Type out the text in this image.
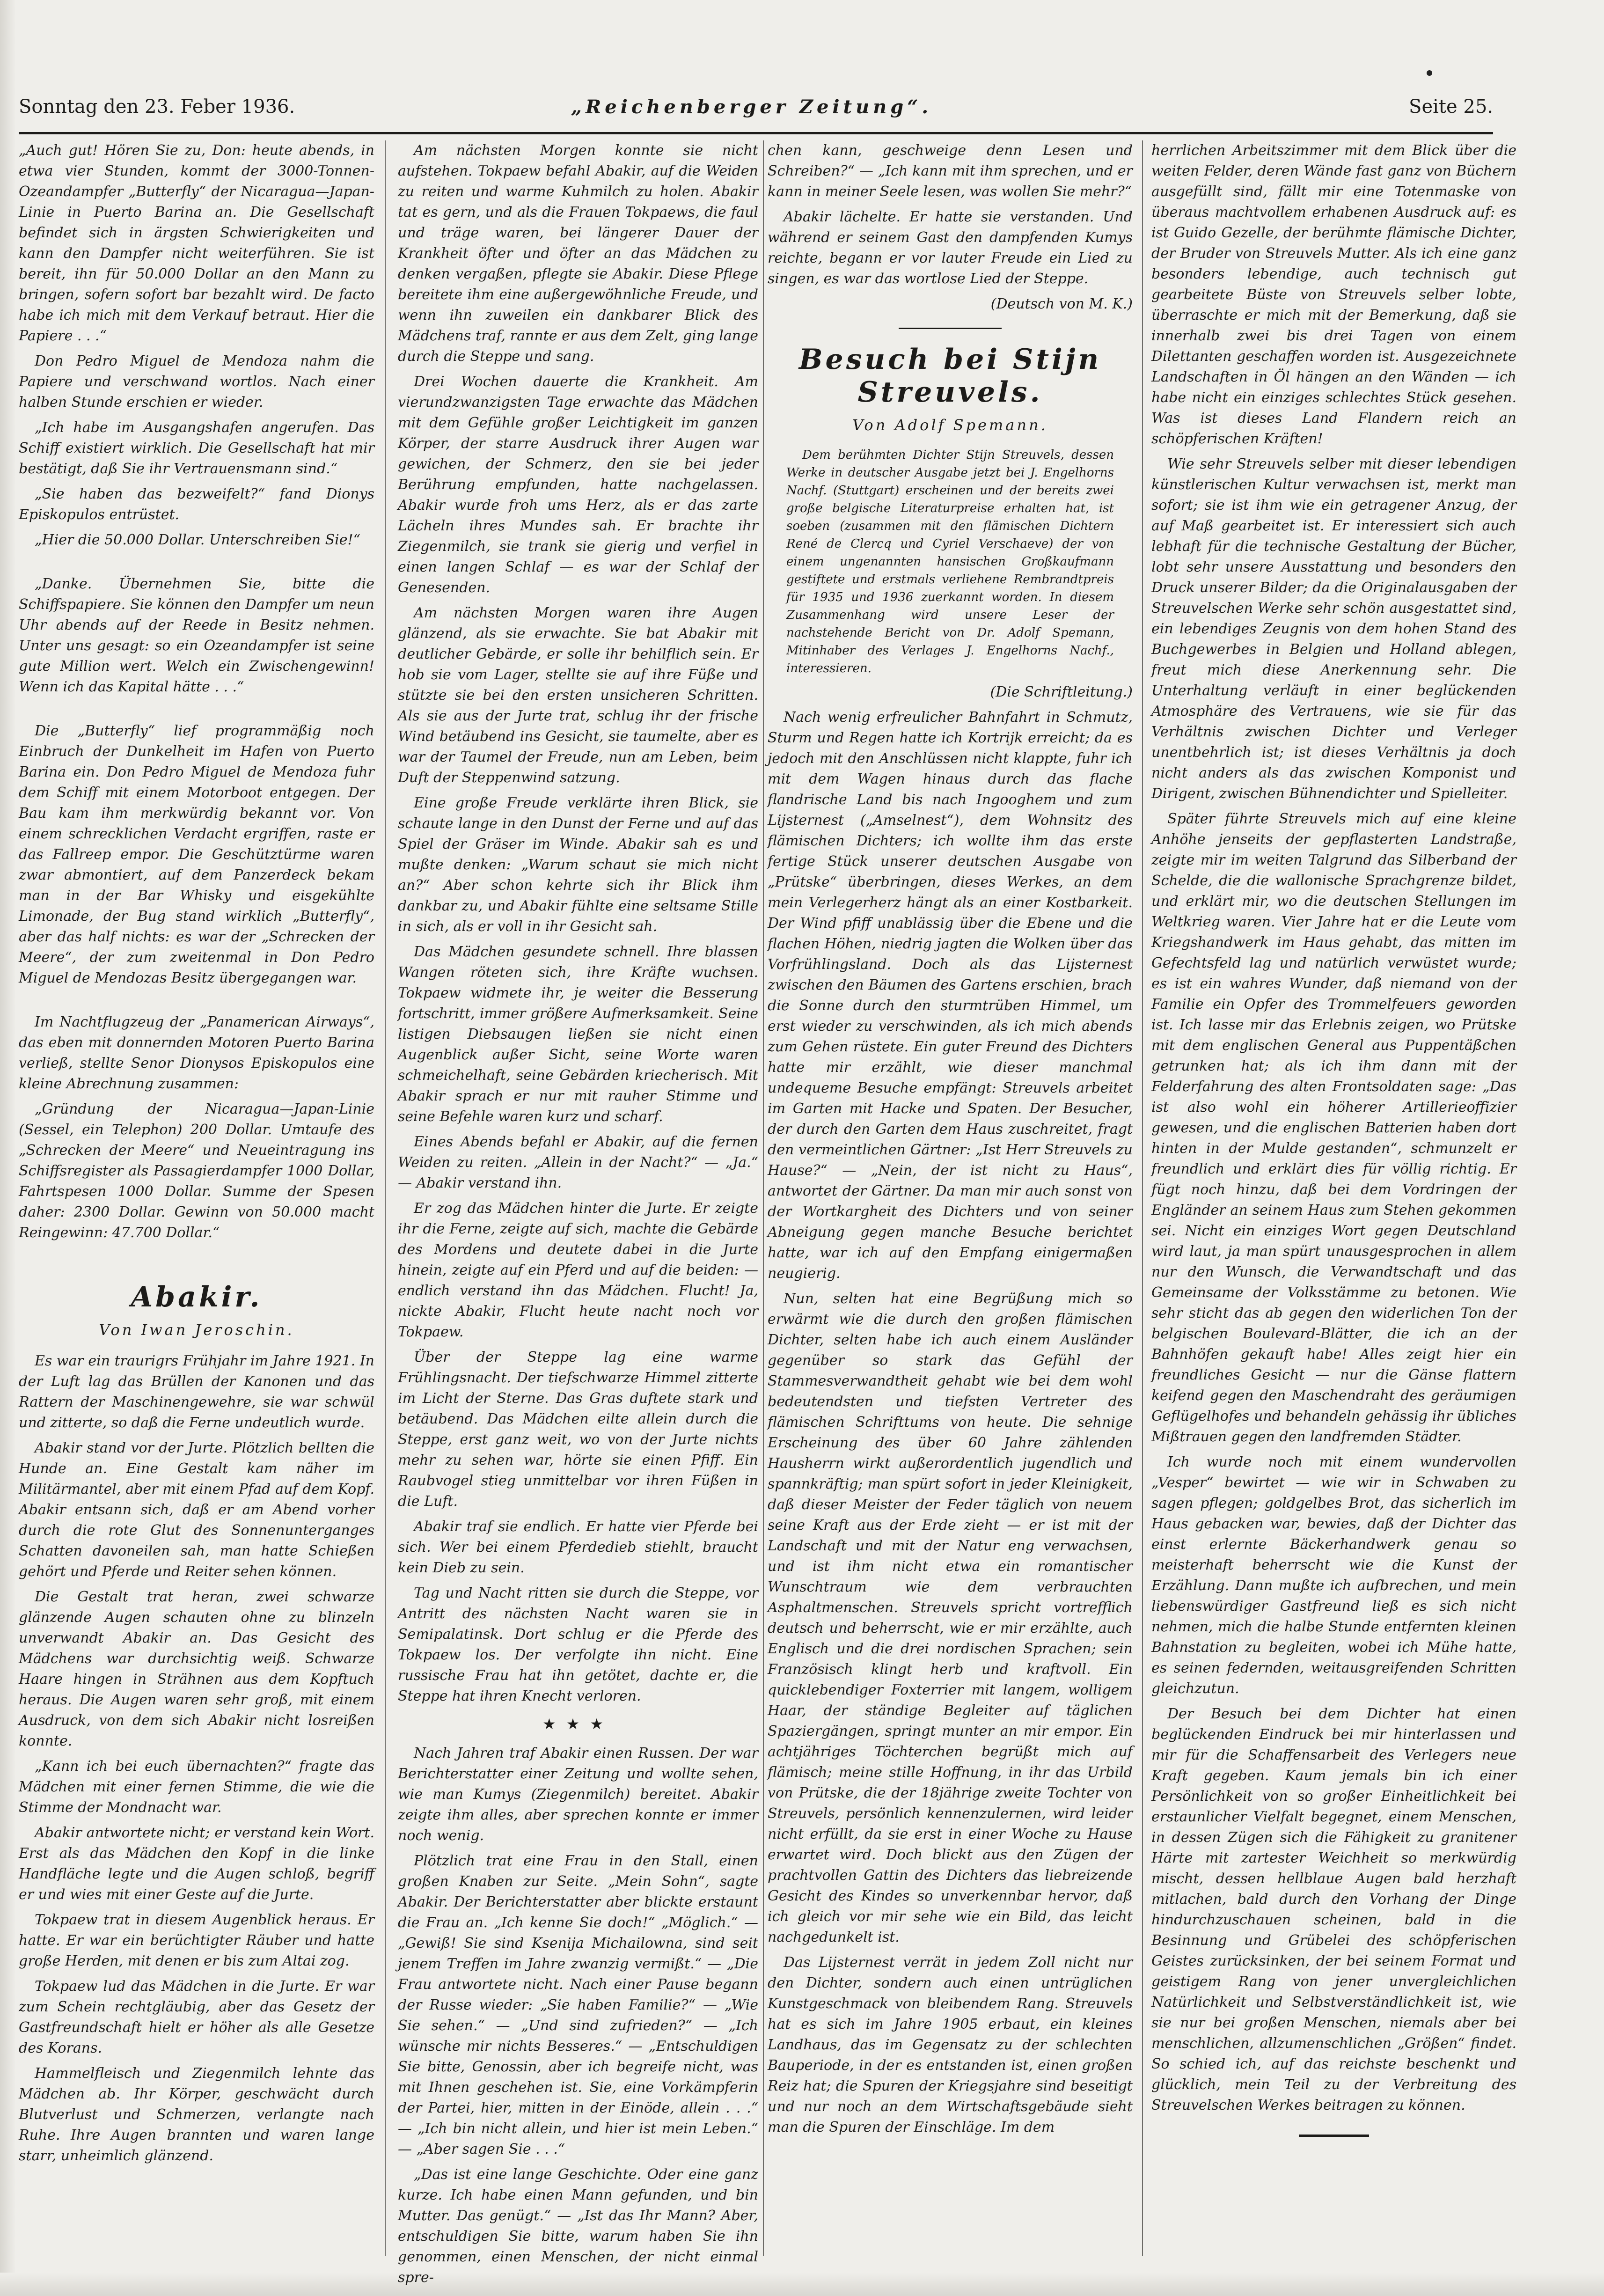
Sonntag den 23. Feber 1936.	„Reichenberger Zeitung“.	Seite 25.

„Auch gut! Hören Sie zu, Don: heute abends, in etwa vier Stunden, kommt der 3000-Tonnen-Ozeandampfer „Butterfly“ der Nicaragua—Japan-Linie in Puerto Barina an. Die Gesellschaft befindet sich in ärgsten Schwierigkeiten und kann den Dampfer nicht weiterführen. Sie ist bereit, ihn für 50.000 Dollar an den Mann zu bringen, sofern sofort bar bezahlt wird. De facto habe ich mich mit dem Verkauf betraut. Hier die Papiere . . .“

Don Pedro Miguel de Mendoza nahm die Papiere und verschwand wortlos. Nach einer halben Stunde erschien er wieder.

„Ich habe im Ausgangshafen angerufen. Das Schiff existiert wirklich. Die Gesellschaft hat mir bestätigt, daß Sie ihr Vertrauensmann sind.“

„Sie haben das bezweifelt?“ fand Dionys Episkopulos entrüstet.

„Hier die 50.000 Dollar. Unterschreiben Sie!“

„Danke. Übernehmen Sie, bitte die Schiffspapiere. Sie können den Dampfer um neun Uhr abends auf der Reede in Besitz nehmen. Unter uns gesagt: so ein Ozeandampfer ist seine gute Million wert. Welch ein Zwischengewinn! Wenn ich das Kapital hätte . . .“

Die „Butterfly“ lief programmäßig noch Einbruch der Dunkelheit im Hafen von Puerto Barina ein. Don Pedro Miguel de Mendoza fuhr dem Schiff mit einem Motorboot entgegen. Der Bau kam ihm merkwürdig bekannt vor. Von einem schrecklichen Verdacht ergriffen, raste er das Fallreep empor. Die Geschütztürme waren zwar abmontiert, auf dem Panzerdeck bekam man in der Bar Whisky und eisgekühlte Limonade, der Bug stand wirklich „Butterfly“, aber das half nichts: es war der „Schrecken der Meere“, der zum zweitenmal in Don Pedro Miguel de Mendozas Besitz übergegangen war.

Im Nachtflugzeug der „Panamerican Airways“, das eben mit donnernden Motoren Puerto Barina verließ, stellte Senor Dionysos Episkopulos eine kleine Abrechnung zusammen:

„Gründung der Nicaragua—Japan-Linie (Sessel, ein Telephon) 200 Dollar. Umtaufe des „Schrecken der Meere“ und Neueintragung ins Schiffsregister als Passagierdampfer 1000 Dollar, Fahrtspesen 1000 Dollar. Summe der Spesen daher: 2300 Dollar. Gewinn von 50.000 macht Reingewinn: 47.700 Dollar.“

Abakir.
Von Iwan Jeroschin.

Es war ein traurigrs Frühjahr im Jahre 1921. In der Luft lag das Brüllen der Kanonen und das Rattern der Maschinengewehre, sie war schwül und zitterte, so daß die Ferne undeutlich wurde.

Abakir stand vor der Jurte. Plötzlich bellten die Hunde an. Eine Gestalt kam näher im Militärmantel, aber mit einem Pfad auf dem Kopf. Abakir entsann sich, daß er am Abend vorher durch die rote Glut des Sonnenunterganges Schatten davoneilen sah, man hatte Schießen gehört und Pferde und Reiter sehen können.

Die Gestalt trat heran, zwei schwarze glänzende Augen schauten ohne zu blinzeln unverwandt Abakir an. Das Gesicht des Mädchens war durchsichtig weiß. Schwarze Haare hingen in Strähnen aus dem Kopftuch heraus. Die Augen waren sehr groß, mit einem Ausdruck, von dem sich Abakir nicht losreißen konnte.

„Kann ich bei euch übernachten?“ fragte das Mädchen mit einer fernen Stimme, die wie die Stimme der Mondnacht war.

Abakir antwortete nicht; er verstand kein Wort. Erst als das Mädchen den Kopf in die linke Handfläche legte und die Augen schloß, begriff er und wies mit einer Geste auf die Jurte.

Tokpaew trat in diesem Augenblick heraus. Er hatte. Er war ein berüchtigter Räuber und hatte große Herden, mit denen er bis zum Altai zog.

Tokpaew lud das Mädchen in die Jurte. Er war zum Schein rechtgläubig, aber das Gesetz der Gastfreundschaft hielt er höher als alle Gesetze des Korans.

Hammelfleisch und Ziegenmilch lehnte das Mädchen ab. Ihr Körper, geschwächt durch Blutverlust und Schmerzen, verlangte nach Ruhe. Ihre Augen brannten und waren lange starr, unheimlich glänzend.

Am nächsten Morgen konnte sie nicht aufstehen. Tokpaew befahl Abakir, auf die Weiden zu reiten und warme Kuhmilch zu holen. Abakir tat es gern, und als die Frauen Tokpaews, die faul und träge waren, bei längerer Dauer der Krankheit öfter und öfter an das Mädchen zu denken vergaßen, pflegte sie Abakir. Diese Pflege bereitete ihm eine außergewöhnliche Freude, und wenn ihn zuweilen ein dankbarer Blick des Mädchens traf, rannte er aus dem Zelt, ging lange durch die Steppe und sang.

Drei Wochen dauerte die Krankheit. Am vierundzwanzigsten Tage erwachte das Mädchen mit dem Gefühle großer Leichtigkeit im ganzen Körper, der starre Ausdruck ihrer Augen war gewichen, der Schmerz, den sie bei jeder Berührung empfunden, hatte nachgelassen. Abakir wurde froh ums Herz, als er das zarte Lächeln ihres Mundes sah. Er brachte ihr Ziegenmilch, sie trank sie gierig und verfiel in einen langen Schlaf — es war der Schlaf der Genesenden.

Am nächsten Morgen waren ihre Augen glänzend, als sie erwachte. Sie bat Abakir mit deutlicher Gebärde, er solle ihr behilflich sein. Er hob sie vom Lager, stellte sie auf ihre Füße und stützte sie bei den ersten unsicheren Schritten. Als sie aus der Jurte trat, schlug ihr der frische Wind betäubend ins Gesicht, sie taumelte, aber es war der Taumel der Freude, nun am Leben, beim Duft der Steppenwind satzung.

Eine große Freude verklärte ihren Blick, sie schaute lange in den Dunst der Ferne und auf das Spiel der Gräser im Winde. Abakir sah es und mußte denken: „Warum schaut sie mich nicht an?“ Aber schon kehrte sich ihr Blick ihm dankbar zu, und Abakir fühlte eine seltsame Stille in sich, als er voll in ihr Gesicht sah.

Das Mädchen gesundete schnell. Ihre blassen Wangen röteten sich, ihre Kräfte wuchsen. Tokpaew widmete ihr, je weiter die Besserung fortschritt, immer größere Aufmerksamkeit. Seine listigen Diebsaugen ließen sie nicht einen Augenblick außer Sicht, seine Worte waren schmeichelhaft, seine Gebärden kriecherisch. Mit Abakir sprach er nur mit rauher Stimme und seine Befehle waren kurz und scharf.

Eines Abends befahl er Abakir, auf die fernen Weiden zu reiten. „Allein in der Nacht?“ — „Ja.“ — Abakir verstand ihn.

Er zog das Mädchen hinter die Jurte. Er zeigte ihr die Ferne, zeigte auf sich, machte die Gebärde des Mordens und deutete dabei in die Jurte hinein, zeigte auf ein Pferd und auf die beiden: — endlich verstand ihn das Mädchen. Flucht! Ja, nickte Abakir, Flucht heute nacht noch vor Tokpaew.

Über der Steppe lag eine warme Frühlingsnacht. Der tiefschwarze Himmel zitterte im Licht der Sterne. Das Gras duftete stark und betäubend. Das Mädchen eilte allein durch die Steppe, erst ganz weit, wo von der Jurte nichts mehr zu sehen war, hörte sie einen Pfiff. Ein Raubvogel stieg unmittelbar vor ihren Füßen in die Luft.

Abakir traf sie endlich. Er hatte vier Pferde bei sich. Wer bei einem Pferdedieb stiehlt, braucht kein Dieb zu sein.

Tag und Nacht ritten sie durch die Steppe, vor Antritt des nächsten Nacht waren sie in Semipalatinsk. Dort schlug er die Pferde des Tokpaew los. Der verfolgte ihn nicht. Eine russische Frau hat ihn getötet, dachte er, die Steppe hat ihren Knecht verloren.

★★★

Nach Jahren traf Abakir einen Russen. Der war Berichterstatter einer Zeitung und wollte sehen, wie man Kumys (Ziegenmilch) bereitet. Abakir zeigte ihm alles, aber sprechen konnte er immer noch wenig.

Plötzlich trat eine Frau in den Stall, einen großen Knaben zur Seite. „Mein Sohn“, sagte Abakir. Der Berichterstatter aber blickte erstaunt die Frau an. „Ich kenne Sie doch!“ „Möglich.“ — „Gewiß! Sie sind Ksenija Michailowna, sind seit jenem Treffen im Jahre zwanzig vermißt.“ — „Die Frau antwortete nicht. Nach einer Pause begann der Russe wieder: „Sie haben Familie?“ — „Wie Sie sehen.“ — „Und sind zufrieden?“ — „Ich wünsche mir nichts Besseres.“ — „Entschuldigen Sie bitte, Genossin, aber ich begreife nicht, was mit Ihnen geschehen ist. Sie, eine Vorkämpferin der Partei, hier, mitten in der Einöde, allein . . .“ — „Ich bin nicht allein, und hier ist mein Leben.“ — „Aber sagen Sie . . .“

„Das ist eine lange Geschichte. Oder eine ganz kurze. Ich habe einen Mann gefunden, und bin Mutter. Das genügt.“ — „Ist das Ihr Mann? Aber, entschuldigen Sie bitte, warum haben Sie ihn genommen, einen Menschen, der nicht einmal spre-

chen kann, geschweige denn Lesen und Schreiben?“ — „Ich kann mit ihm sprechen, und er kann in meiner Seele lesen, was wollen Sie mehr?“

Abakir lächelte. Er hatte sie verstanden. Und während er seinem Gast den dampfenden Kumys reichte, begann er vor lauter Freude ein Lied zu singen, es war das wortlose Lied der Steppe.

(Deutsch von M. K.)

Besuch bei Stijn Streuvels.
Von Adolf Spemann.

Dem berühmten Dichter Stijn Streuvels, dessen Werke in deutscher Ausgabe jetzt bei J. Engelhorns Nachf. (Stuttgart) erscheinen und der bereits zwei große belgische Literaturpreise erhalten hat, ist soeben (zusammen mit den flämischen Dichtern René de Clercq und Cyriel Verschaeve) der von einem ungenannten hansischen Großkaufmann gestiftete und erstmals verliehene Rembrandtpreis für 1935 und 1936 zuerkannt worden. In diesem Zusammenhang wird unsere Leser der nachstehende Bericht von Dr. Adolf Spemann, Mitinhaber des Verlages J. Engelhorns Nachf., interessieren.

(Die Schriftleitung.)

Nach wenig erfreulicher Bahnfahrt in Schmutz, Sturm und Regen hatte ich Kortrijk erreicht; da es jedoch mit den Anschlüssen nicht klappte, fuhr ich mit dem Wagen hinaus durch das flache flandrische Land bis nach Ingooghem und zum Lijsternest („Amselnest“), dem Wohnsitz des flämischen Dichters; ich wollte ihm das erste fertige Stück unserer deutschen Ausgabe von „Prütske“ überbringen, dieses Werkes, an dem mein Verlegerherz hängt als an einer Kostbarkeit. Der Wind pfiff unablässig über die Ebene und die flachen Höhen, niedrig jagten die Wolken über das Vorfrühlingsland. Doch als das Lijsternest zwischen den Bäumen des Gartens erschien, brach die Sonne durch den sturmtrüben Himmel, um erst wieder zu verschwinden, als ich mich abends zum Gehen rüstete. Ein guter Freund des Dichters hatte mir erzählt, wie dieser manchmal undequeme Besuche empfängt: Streuvels arbeitet im Garten mit Hacke und Spaten. Der Besucher, der durch den Garten dem Haus zuschreitet, fragt den vermeintlichen Gärtner: „Ist Herr Streuvels zu Hause?“ — „Nein, der ist nicht zu Haus“, antwortet der Gärtner. Da man mir auch sonst von der Wortkargheit des Dichters und von seiner Abneigung gegen manche Besuche berichtet hatte, war ich auf den Empfang einigermaßen neugierig.

Nun, selten hat eine Begrüßung mich so erwärmt wie die durch den großen flämischen Dichter, selten habe ich auch einem Ausländer gegenüber so stark das Gefühl der Stammesverwandtheit gehabt wie bei dem wohl bedeutendsten und tiefsten Vertreter des flämischen Schrifttums von heute. Die sehnige Erscheinung des über 60 Jahre zählenden Hausherrn wirkt außerordentlich jugendlich und spannkräftig; man spürt sofort in jeder Kleinigkeit, daß dieser Meister der Feder täglich von neuem seine Kraft aus der Erde zieht — er ist mit der Landschaft und mit der Natur eng verwachsen, und ist ihm nicht etwa ein romantischer Wunschtraum wie dem verbrauchten Asphaltmenschen. Streuvels spricht vortrefflich deutsch und beherrscht, wie er mir erzählte, auch Englisch und die drei nordischen Sprachen; sein Französisch klingt herb und kraftvoll. Ein quicklebendiger Foxterrier mit langem, wolligem Haar, der ständige Begleiter auf täglichen Spaziergängen, springt munter an mir empor. Ein achtjähriges Töchterchen begrüßt mich auf flämisch; meine stille Hoffnung, in ihr das Urbild von Prütske, die der 18jährige zweite Tochter von Streuvels, persönlich kennenzulernen, wird leider nicht erfüllt, da sie erst in einer Woche zu Hause erwartet wird. Doch blickt aus den Zügen der prachtvollen Gattin des Dichters das liebreizende Gesicht des Kindes so unverkennbar hervor, daß ich gleich vor mir sehe wie ein Bild, das leicht nachgedunkelt ist.

Das Lijsternest verrät in jedem Zoll nicht nur den Dichter, sondern auch einen untrüglichen Kunstgeschmack von bleibendem Rang. Streuvels hat es sich im Jahre 1905 erbaut, ein kleines Landhaus, das im Gegensatz zu der schlechten Bauperiode, in der es entstanden ist, einen großen Reiz hat; die Spuren der Kriegsjahre sind beseitigt und nur noch an dem Wirtschaftsgebäude sieht man die Spuren der Einschläge. Im dem

herrlichen Arbeitszimmer mit dem Blick über die weiten Felder, deren Wände fast ganz von Büchern ausgefüllt sind, fällt mir eine Totenmaske von überaus machtvollem erhabenen Ausdruck auf: es ist Guido Gezelle, der berühmte flämische Dichter, der Bruder von Streuvels Mutter. Als ich eine ganz besonders lebendige, auch technisch gut gearbeitete Büste von Streuvels selber lobte, überraschte er mich mit der Bemerkung, daß sie innerhalb zwei bis drei Tagen von einem Dilettanten geschaffen worden ist. Ausgezeichnete Landschaften in Öl hängen an den Wänden — ich habe nicht ein einziges schlechtes Stück gesehen. Was ist dieses Land Flandern reich an schöpferischen Kräften!

Wie sehr Streuvels selber mit dieser lebendigen künstlerischen Kultur verwachsen ist, merkt man sofort; sie ist ihm wie ein getragener Anzug, der auf Maß gearbeitet ist. Er interessiert sich auch lebhaft für die technische Gestaltung der Bücher, lobt sehr unsere Ausstattung und besonders den Druck unserer Bilder; da die Originalausgaben der Streuvelschen Werke sehr schön ausgestattet sind, ein lebendiges Zeugnis von dem hohen Stand des Buchgewerbes in Belgien und Holland ablegen, freut mich diese Anerkennung sehr. Die Unterhaltung verläuft in einer beglückenden Atmosphäre des Vertrauens, wie sie für das Verhältnis zwischen Dichter und Verleger unentbehrlich ist; ist dieses Verhältnis ja doch nicht anders als das zwischen Komponist und Dirigent, zwischen Bühnendichter und Spielleiter.

Später führte Streuvels mich auf eine kleine Anhöhe jenseits der gepflasterten Landstraße, zeigte mir im weiten Talgrund das Silberband der Schelde, die die wallonische Sprachgrenze bildet, und erklärt mir, wo die deutschen Stellungen im Weltkrieg waren. Vier Jahre hat er die Leute vom Kriegshandwerk im Haus gehabt, das mitten im Gefechtsfeld lag und natürlich verwüstet wurde; es ist ein wahres Wunder, daß niemand von der Familie ein Opfer des Trommelfeuers geworden ist. Ich lasse mir das Erlebnis zeigen, wo Prütske mit dem englischen General aus Puppentäßchen getrunken hat; als ich ihm dann mit der Felderfahrung des alten Frontsoldaten sage: „Das ist also wohl ein höherer Artillerieoffizier gewesen, und die englischen Batterien haben dort hinten in der Mulde gestanden“, schmunzelt er freundlich und erklärt dies für völlig richtig. Er fügt noch hinzu, daß bei dem Vordringen der Engländer an seinem Haus zum Stehen gekommen sei. Nicht ein einziges Wort gegen Deutschland wird laut, ja man spürt unausgesprochen in allem nur den Wunsch, die Verwandtschaft und das Gemeinsame der Volksstämme zu betonen. Wie sehr sticht das ab gegen den widerlichen Ton der belgischen Boulevard-Blätter, die ich an der Bahnhöfen gekauft habe! Alles zeigt hier ein freundliches Gesicht — nur die Gänse flattern keifend gegen den Maschendraht des geräumigen Geflügelhofes und behandeln gehässig ihr übliches Mißtrauen gegen den landfremden Städter.

Ich wurde noch mit einem wundervollen „Vesper“ bewirtet — wie wir in Schwaben zu sagen pflegen; goldgelbes Brot, das sicherlich im Haus gebacken war, bewies, daß der Dichter das einst erlernte Bäckerhandwerk genau so meisterhaft beherrscht wie die Kunst der Erzählung. Dann mußte ich aufbrechen, und mein liebenswürdiger Gastfreund ließ es sich nicht nehmen, mich die halbe Stunde entfernten kleinen Bahnstation zu begleiten, wobei ich Mühe hatte, es seinen federnden, weitausgreifenden Schritten gleichzutun.

Der Besuch bei dem Dichter hat einen beglückenden Eindruck bei mir hinterlassen und mir für die Schaffensarbeit des Verlegers neue Kraft gegeben. Kaum jemals bin ich einer Persönlichkeit von so großer Einheitlichkeit bei erstaunlicher Vielfalt begegnet, einem Menschen, in dessen Zügen sich die Fähigkeit zu granitener Härte mit zartester Weichheit so merkwürdig mischt, dessen hellblaue Augen bald herzhaft mitlachen, bald durch den Vorhang der Dinge hindurchzuschauen scheinen, bald in die Besinnung und Grübelei des schöpferischen Geistes zurücksinken, der bei seinem Format und geistigem Rang von jener unvergleichlichen Natürlichkeit und Selbstverständlichkeit ist, wie sie nur bei großen Menschen, niemals aber bei menschlichen, allzumenschlichen „Größen“ findet. So schied ich, auf das reichste beschenkt und glücklich, mein Teil zu der Verbreitung des Streuvelschen Werkes beitragen zu können.
